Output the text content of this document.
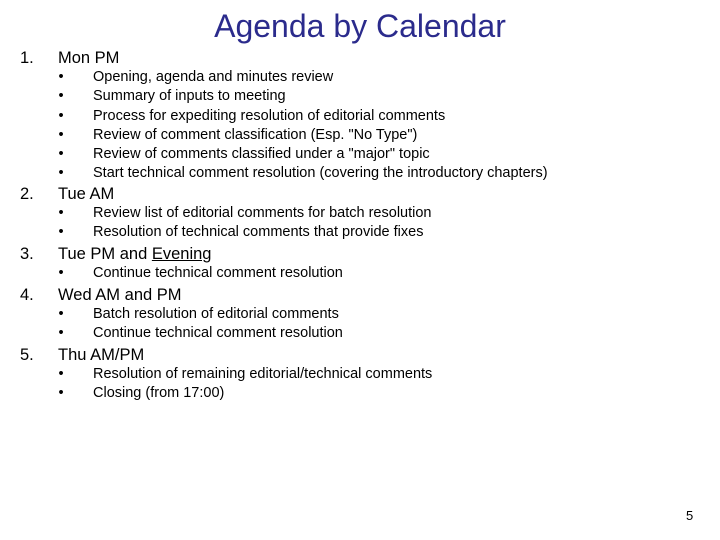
Agenda by Calendar
1. Mon PM
• Opening, agenda and minutes review
• Summary of inputs to meeting
• Process for expediting resolution of editorial comments
• Review of comment classification (Esp. "No Type")
• Review of comments classified under a "major" topic
• Start technical comment resolution (covering the introductory chapters)
2. Tue AM
• Review list of editorial comments for batch resolution
• Resolution of technical comments that provide fixes
3. Tue PM and Evening
• Continue technical comment resolution
4. Wed AM and PM
• Batch resolution of editorial comments
• Continue technical comment resolution
5. Thu AM/PM
• Resolution of remaining editorial/technical comments
• Closing (from 17:00)
5
